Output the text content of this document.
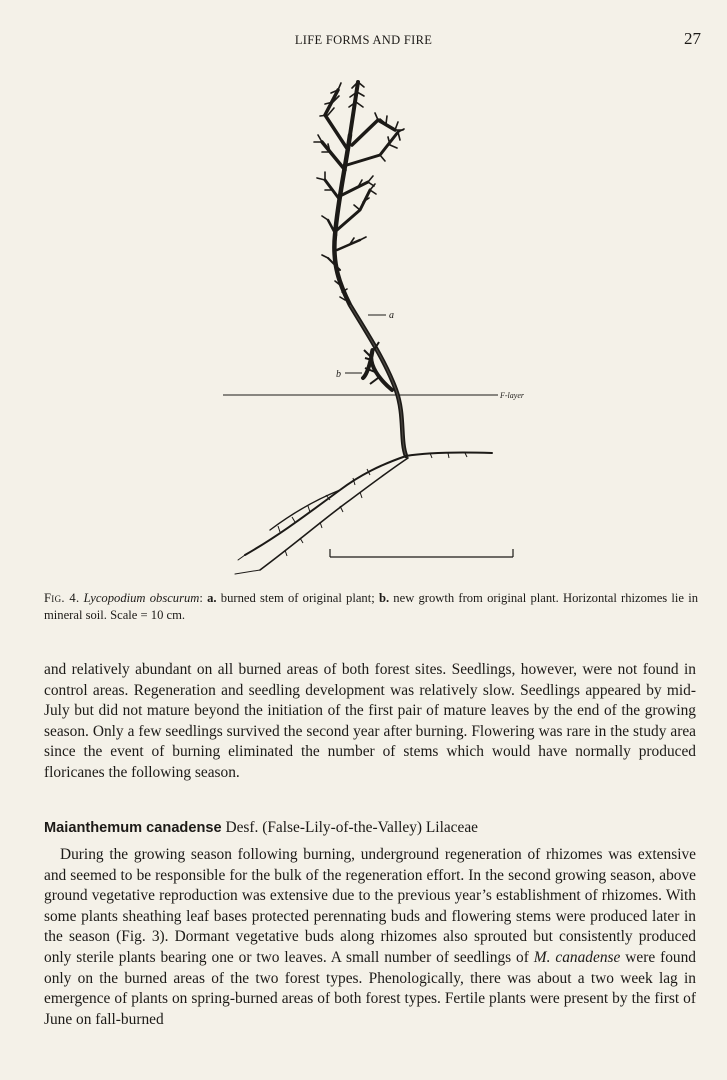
LIFE FORMS AND FIRE	27
a
b
F-layer
Fig. 4. Lycopodium obscurum: a. burned stem of original plant; b. new growth from original plant. Horizontal rhizomes lie in mineral soil. Scale = 10 cm.

and relatively abundant on all burned areas of both forest sites. Seedlings, however, were not found in control areas. Regeneration and seedling development was relatively slow. Seedlings appeared by mid-July but did not mature beyond the initiation of the first pair of mature leaves by the end of the growing season. Only a few seedlings survived the second year after burning. Flowering was rare in the study area since the event of burning eliminated the number of stems which would have normally produced floricanes the following season.

Maianthemum canadense Desf. (False-Lily-of-the-Valley) Lilaceae

During the growing season following burning, underground regeneration of rhizomes was extensive and seemed to be responsible for the bulk of the regeneration effort. In the second growing season, above ground vegetative reproduction was extensive due to the previous year’s establishment of rhizomes. With some plants sheathing leaf bases protected perennating buds and flowering stems were produced later in the season (Fig. 3). Dormant vegetative buds along rhizomes also sprouted but consistently produced only sterile plants bearing one or two leaves. A small number of seedlings of M. canadense were found only on the burned areas of the two forest types. Phenologically, there was about a two week lag in emergence of plants on spring-burned areas of both forest types. Fertile plants were present by the first of June on fall-burned
